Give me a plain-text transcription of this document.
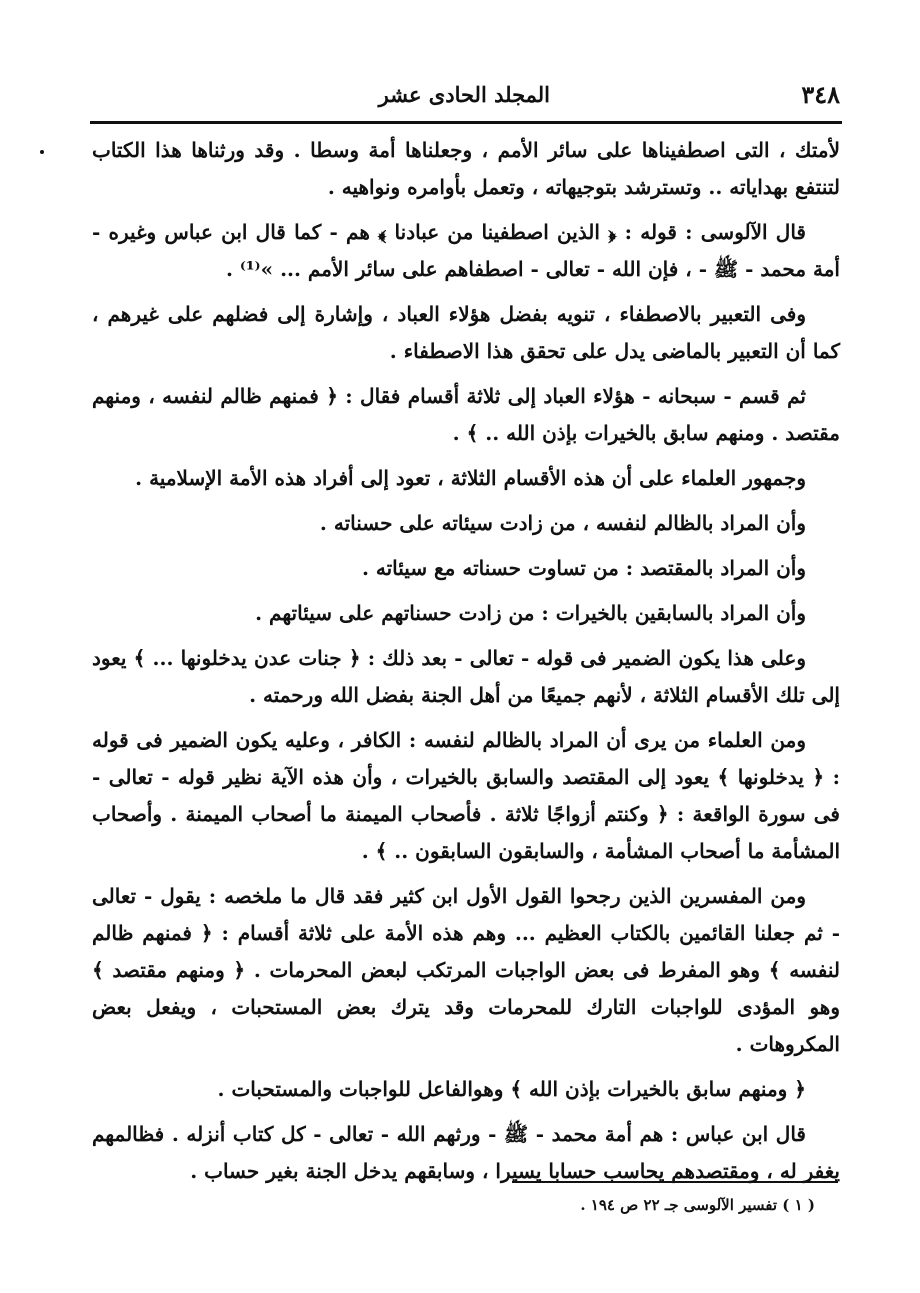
٣٤٨
المجلد الحادى عشر

لأمتك ، التى اصطفيناها على سائر الأمم ، وجعلناها أمة وسطا . وقد ورثناها هذا الكتاب لتنتفع بهداياته .. وتسترشد بتوجيهاته ، وتعمل بأوامره ونواهيه .

قال الآلوسى : قوله : ﴿ الذين اصطفينا من عبادنا ﴾ هم - كما قال ابن عباس وغيره - أمة محمد - ﷺ - ، فإن الله - تعالى - اصطفاهم على سائر الأمم ... »⁽¹⁾ .

وفى التعبير بالاصطفاء ، تنويه بفضل هؤلاء العباد ، وإشارة إلى فضلهم على غيرهم ، كما أن التعبير بالماضى يدل على تحقق هذا الاصطفاء .

ثم قسم - سبحانه - هؤلاء العباد إلى ثلاثة أقسام فقال : ﴿ فمنهم ظالم لنفسه ، ومنهم مقتصد . ومنهم سابق بالخيرات بإذن الله .. ﴾ .

وجمهور العلماء على أن هذه الأقسام الثلاثة ، تعود إلى أفراد هذه الأمة الإسلامية .

وأن المراد بالظالم لنفسه ، من زادت سيئاته على حسناته .

وأن المراد بالمقتصد : من تساوت حسناته مع سيئاته .

وأن المراد بالسابقين بالخيرات : من زادت حسناتهم على سيئاتهم .

وعلى هذا يكون الضمير فى قوله - تعالى - بعد ذلك : ﴿ جنات عدن يدخلونها ... ﴾ يعود إلى تلك الأقسام الثلاثة ، لأنهم جميعًا من أهل الجنة بفضل الله ورحمته .

ومن العلماء من يرى أن المراد بالظالم لنفسه : الكافر ، وعليه يكون الضمير فى قوله : ﴿ يدخلونها ﴾ يعود إلى المقتصد والسابق بالخيرات ، وأن هذه الآية نظير قوله - تعالى - فى سورة الواقعة : ﴿ وكنتم أزواجًا ثلاثة . فأصحاب الميمنة ما أصحاب الميمنة . وأصحاب المشأمة ما أصحاب المشأمة ، والسابقون السابقون .. ﴾ .

ومن المفسرين الذين رجحوا القول الأول ابن كثير فقد قال ما ملخصه : يقول - تعالى - ثم جعلنا القائمين بالكتاب العظيم ... وهم هذه الأمة على ثلاثة أقسام : ﴿ فمنهم ظالم لنفسه ﴾ وهو المفرط فى بعض الواجبات المرتكب لبعض المحرمات . ﴿ ومنهم مقتصد ﴾ وهو المؤدى للواجبات التارك للمحرمات وقد يترك بعض المستحبات ، ويفعل بعض المكروهات .

﴿ ومنهم سابق بالخيرات بإذن الله ﴾ وهوالفاعل للواجبات والمستحبات .

قال ابن عباس : هم أمة محمد - ﷺ - ورثهم الله - تعالى - كل كتاب أنزله . فظالمهم يغفر له ، ومقتصدهم يحاسب حسابا يسيرا ، وسابقهم يدخل الجنة بغير حساب .

( ١ ) تفسير الآلوسى جـ ٢٢ ص ١٩٤ .
